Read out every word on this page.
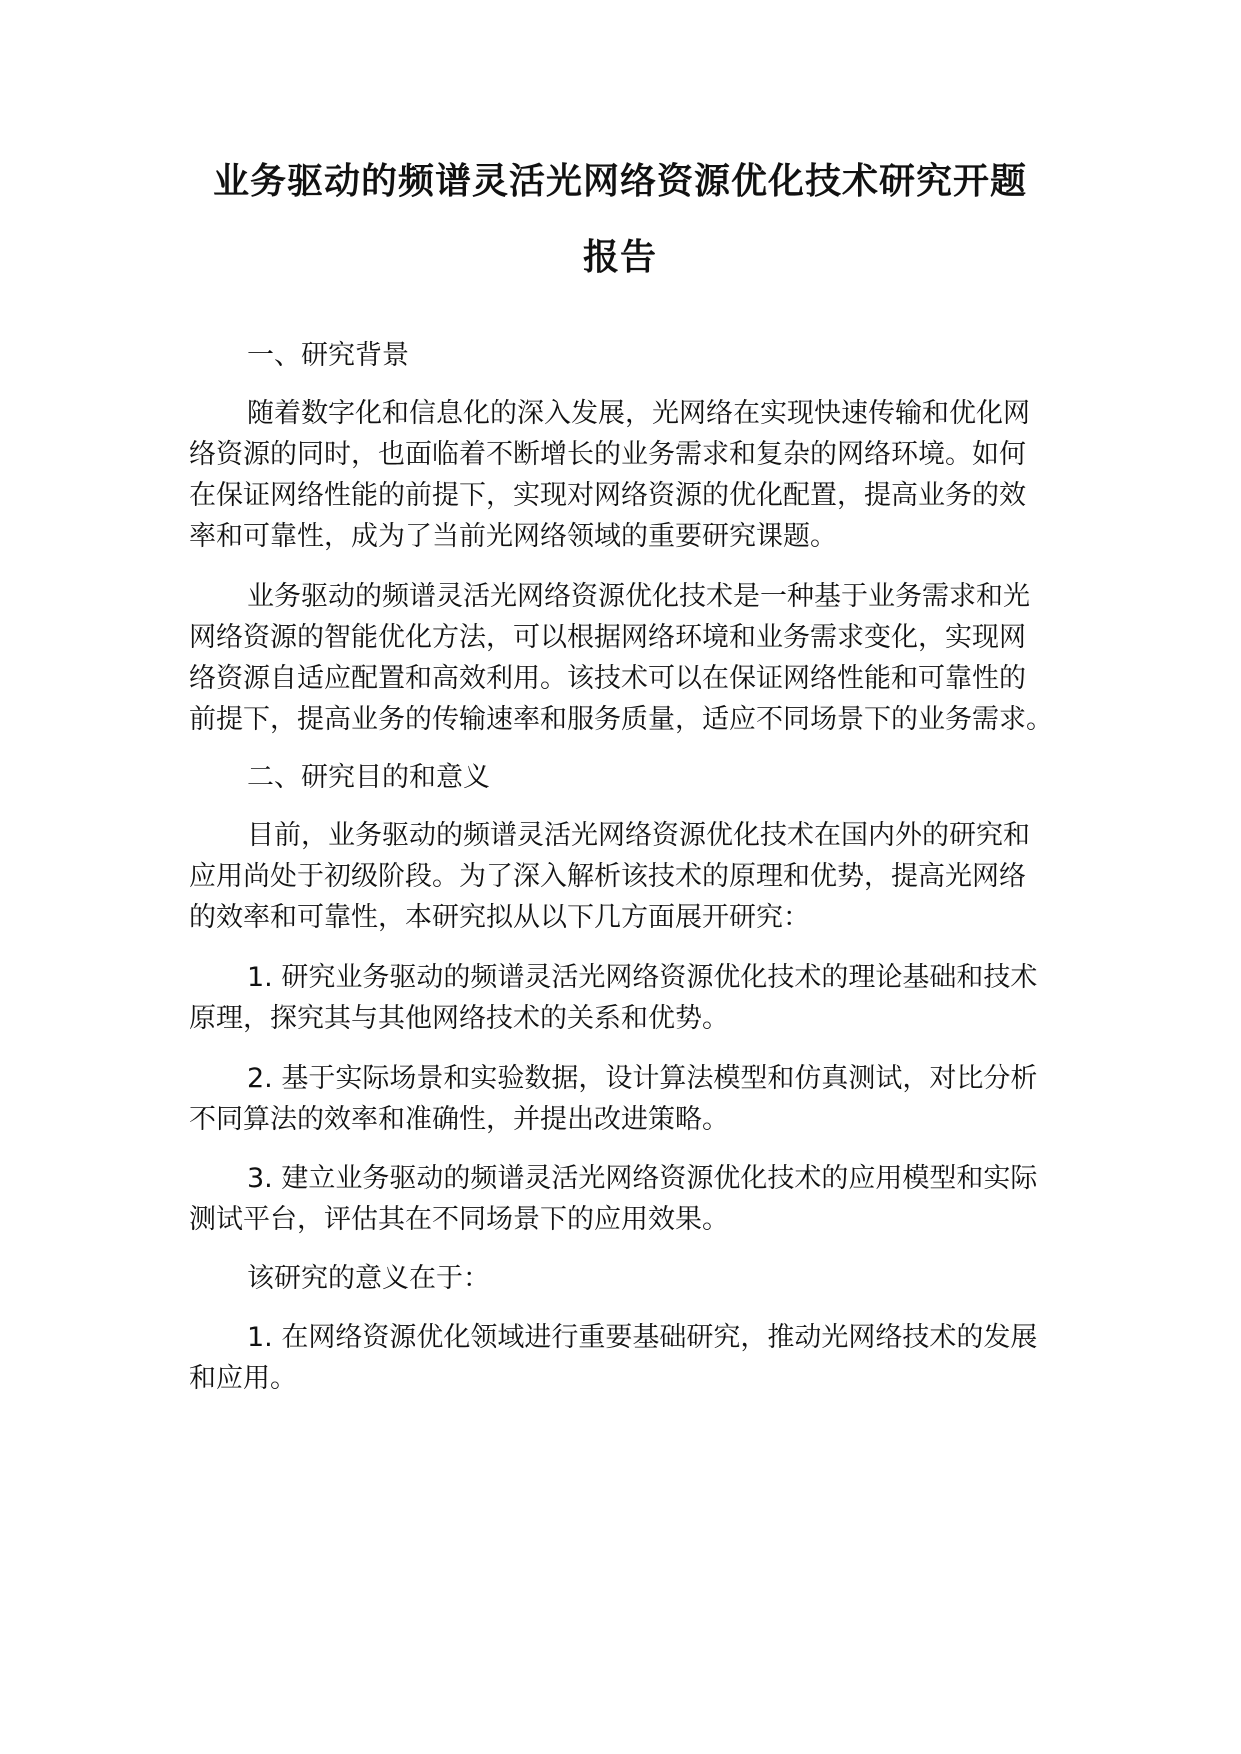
业务驱动的频谱灵活光网络资源优化技术研究开题
报告
一、研究背景
随着数字化和信息化的深入发展，光网络在实现快速传输和优化网
络资源的同时，也面临着不断增长的业务需求和复杂的网络环境。如何
在保证网络性能的前提下，实现对网络资源的优化配置，提高业务的效
率和可靠性，成为了当前光网络领域的重要研究课题。
业务驱动的频谱灵活光网络资源优化技术是一种基于业务需求和光
网络资源的智能优化方法，可以根据网络环境和业务需求变化，实现网
络资源自适应配置和高效利用。该技术可以在保证网络性能和可靠性的
前提下，提高业务的传输速率和服务质量，适应不同场景下的业务需求。
二、研究目的和意义
目前，业务驱动的频谱灵活光网络资源优化技术在国内外的研究和
应用尚处于初级阶段。为了深入解析该技术的原理和优势，提高光网络
的效率和可靠性，本研究拟从以下几方面展开研究：
1. 研究业务驱动的频谱灵活光网络资源优化技术的理论基础和技术
原理，探究其与其他网络技术的关系和优势。
2. 基于实际场景和实验数据，设计算法模型和仿真测试，对比分析
不同算法的效率和准确性，并提出改进策略。
3. 建立业务驱动的频谱灵活光网络资源优化技术的应用模型和实际
测试平台，评估其在不同场景下的应用效果。
该研究的意义在于：
1. 在网络资源优化领域进行重要基础研究，推动光网络技术的发展
和应用。
